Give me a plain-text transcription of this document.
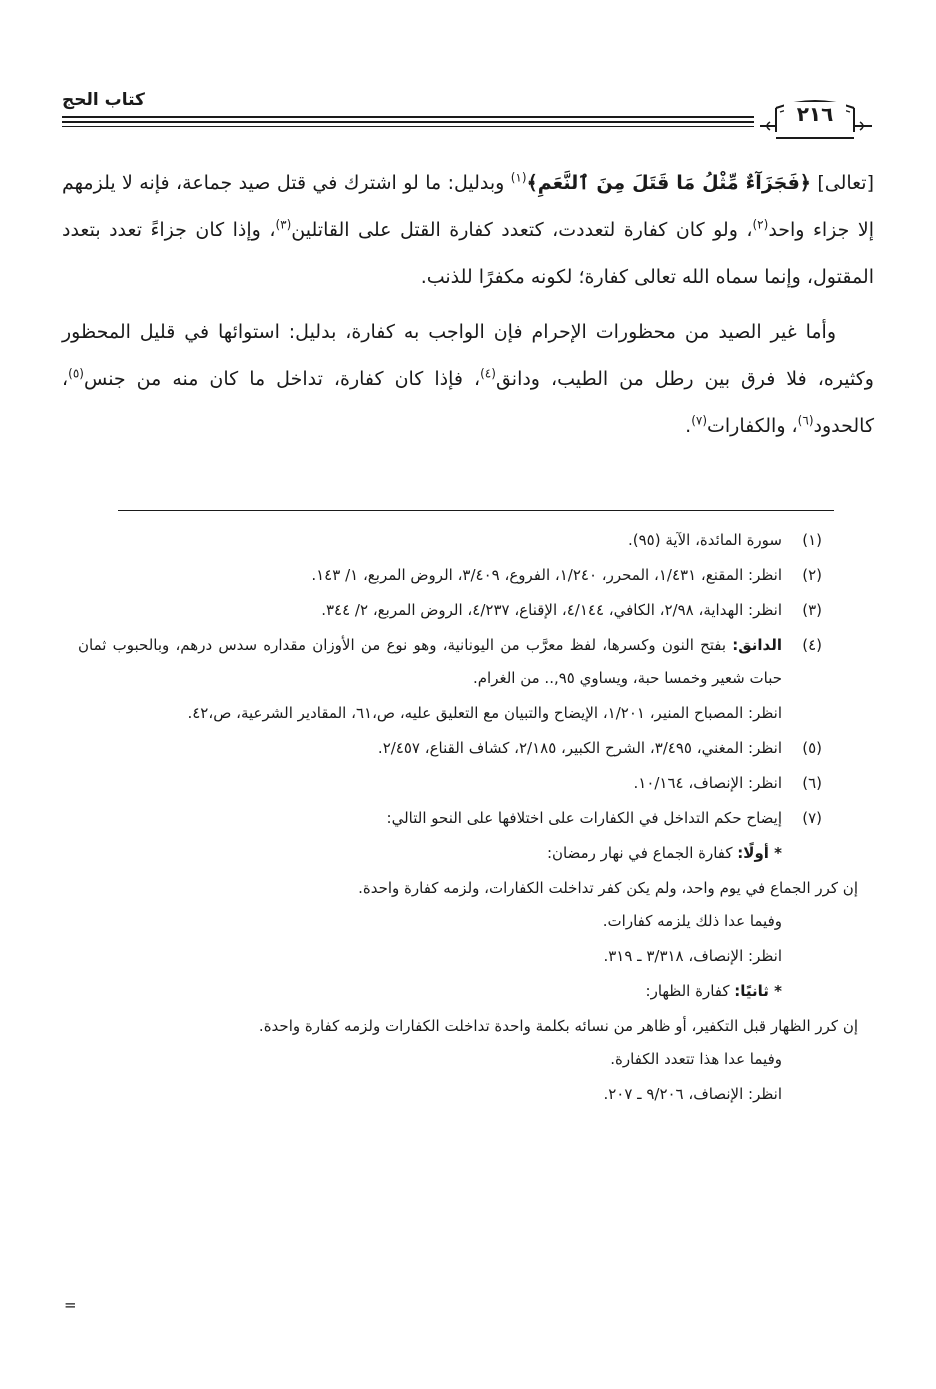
كتاب الحج
٢١٦

[تعالى] ﴿فَجَزَآءٌ مِّثْلُ مَا قَتَلَ مِنَ ٱلنَّعَمِ﴾$^{(١)}$ وبدليل: ما لو اشترك في قتل صيد جماعة، فإنه لا يلزمهم إلا جزاء واحد$^{(٢)}$، ولو كان كفارة لتعددت، كتعدد كفارة القتل على القاتلين$^{(٣)}$، وإذا كان جزاءً تعدد بتعدد المقتول، وإنما سماه الله تعالى كفارة؛ لكونه مكفرًا للذنب.

وأما غير الصيد من محظورات الإحرام فإن الواجب به كفارة، بدليل: استوائها في قليل المحظور وكثيره، فلا فرق بين رطل من الطيب، ودانق$^{(٤)}$، فإذا كان كفارة، تداخل ما كان منه من جنس$^{(٥)}$، كالحدود$^{(٦)}$، والكفارات$^{(٧)}$.

(١)
سورة المائدة، الآية (٩٥).
(٢)
انظر: المقنع، ١/٤٣١، المحرر، ١/٢٤٠، الفروع، ٣/٤٠٩، الروض المربع، ١/ ١٤٣.
(٣)
انظر: الهداية، ٢/٩٨، الكافي، ٤/١٤٤، الإقناع، ٤/٢٣٧، الروض المربع، ٢/ ٣٤٤.
(٤)
الدانق: بفتح النون وكسرها، لفظ معرَّب من اليونانية، وهو نوع من الأوزان مقداره سدس درهم، وبالحبوب ثمان حبات شعير وخمسا حبة، ويساوي ٩٥,.. من الغرام.
انظر: المصباح المنير، ١/٢٠١، الإيضاح والتبيان مع التعليق عليه، ص،٦١، المقادير الشرعية، ص،٤٢.
(٥)
انظر: المغني، ٣/٤٩٥، الشرح الكبير، ٢/١٨٥، كشاف القناع، ٢/٤٥٧.
(٦)
انظر: الإنصاف، ١٠/١٦٤.
(٧)
إيضاح حكم التداخل في الكفارات على اختلافها على النحو التالي:
* أولًا: كفارة الجماع في نهار رمضان:
إن كرر الجماع في يوم واحد، ولم يكن كفر تداخلت الكفارات، ولزمه كفارة واحدة.
وفيما عدا ذلك يلزمه كفارات.
انظر: الإنصاف، ٣/٣١٨ ـ ٣١٩.
* ثانيًا: كفارة الظهار:
إن كرر الظهار قبل التكفير، أو ظاهر من نسائه بكلمة واحدة تداخلت الكفارات ولزمه كفارة واحدة.
وفيما عدا هذا تتعدد الكفارة.
انظر: الإنصاف، ٩/٢٠٦ ـ ٢٠٧.
=
